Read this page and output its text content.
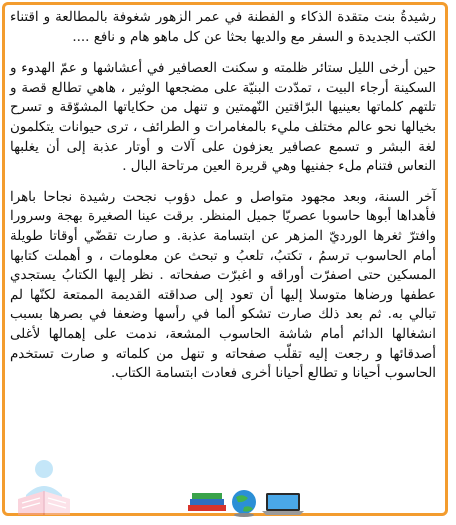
رشيدةُ بنت متقدة الذكاء و الفطنة في عمر الزهور شغوفة بالمطالعة و اقتناء الكتب الجديدة و السفر مع والديها بحثا عن كل ماهو هام و نافع ....

حين أرخى الليل ستائر ظلمته و سكنت العصافير في أعشاشها و عمّ الهدوء و السكينة أرجاء البيت ، تمدّدت البنيّة على مضجعها الوثير ، هاهي تطالع قصة و تلتهم كلماتها بعينيها البرّاقتين النّهمتين و تنهل من حكاياتها المشوّقة و تسرح بخيالها نحو عالم مختلف مليء بالمغامرات و الطرائف ، ترى حيوانات يتكلمون لغة البشر و تسمع عصافير يعزفون على آلات و أوتار عذبة إلى أن يغلبها النعاس فتنام ملء جفنيها وهي قريرة العين مرتاحة البال .

آخر السنة، وبعد مجهود متواصل و عمل دؤوب نجحت رشيدة نجاحا باهرا فأهداها أبوها حاسوبا عصريّا جميل المنظر. برقت عينا الصغيرة بهجة وسرورا وافترّ ثغرها الورديّ المزهر عن ابتسامة عذبة. و صارت تقضّي أوقاتا طويلة أمام الحاسوب ترسمُ ، تكتبُ، تلعبُ و تبحث عن معلومات ، و أهملت كتابها المسكين حتى اصفرّت أوراقه و اغبرّت صفحاته . نظر إليها الكتابُ يستجدي عطفها ورضاها متوسلا إليها أن تعود إلى صداقته القديمة الممتعة لكنّها لم تبالي به. ثم بعد ذلك صارت تشكو ألما في رأسها وضعفا في بصرها بسبب انشغالها الدائم أمام شاشة الحاسوب المشعة، ندمت على إهمالها لأغلى أصدقائها و رجعت إليه تقلّب صفحاته و تنهل من كلماته و صارت تستخدم الحاسوب أحيانا و تطالع أحيانا أخرى فعادت ابتسامة الكتاب.
